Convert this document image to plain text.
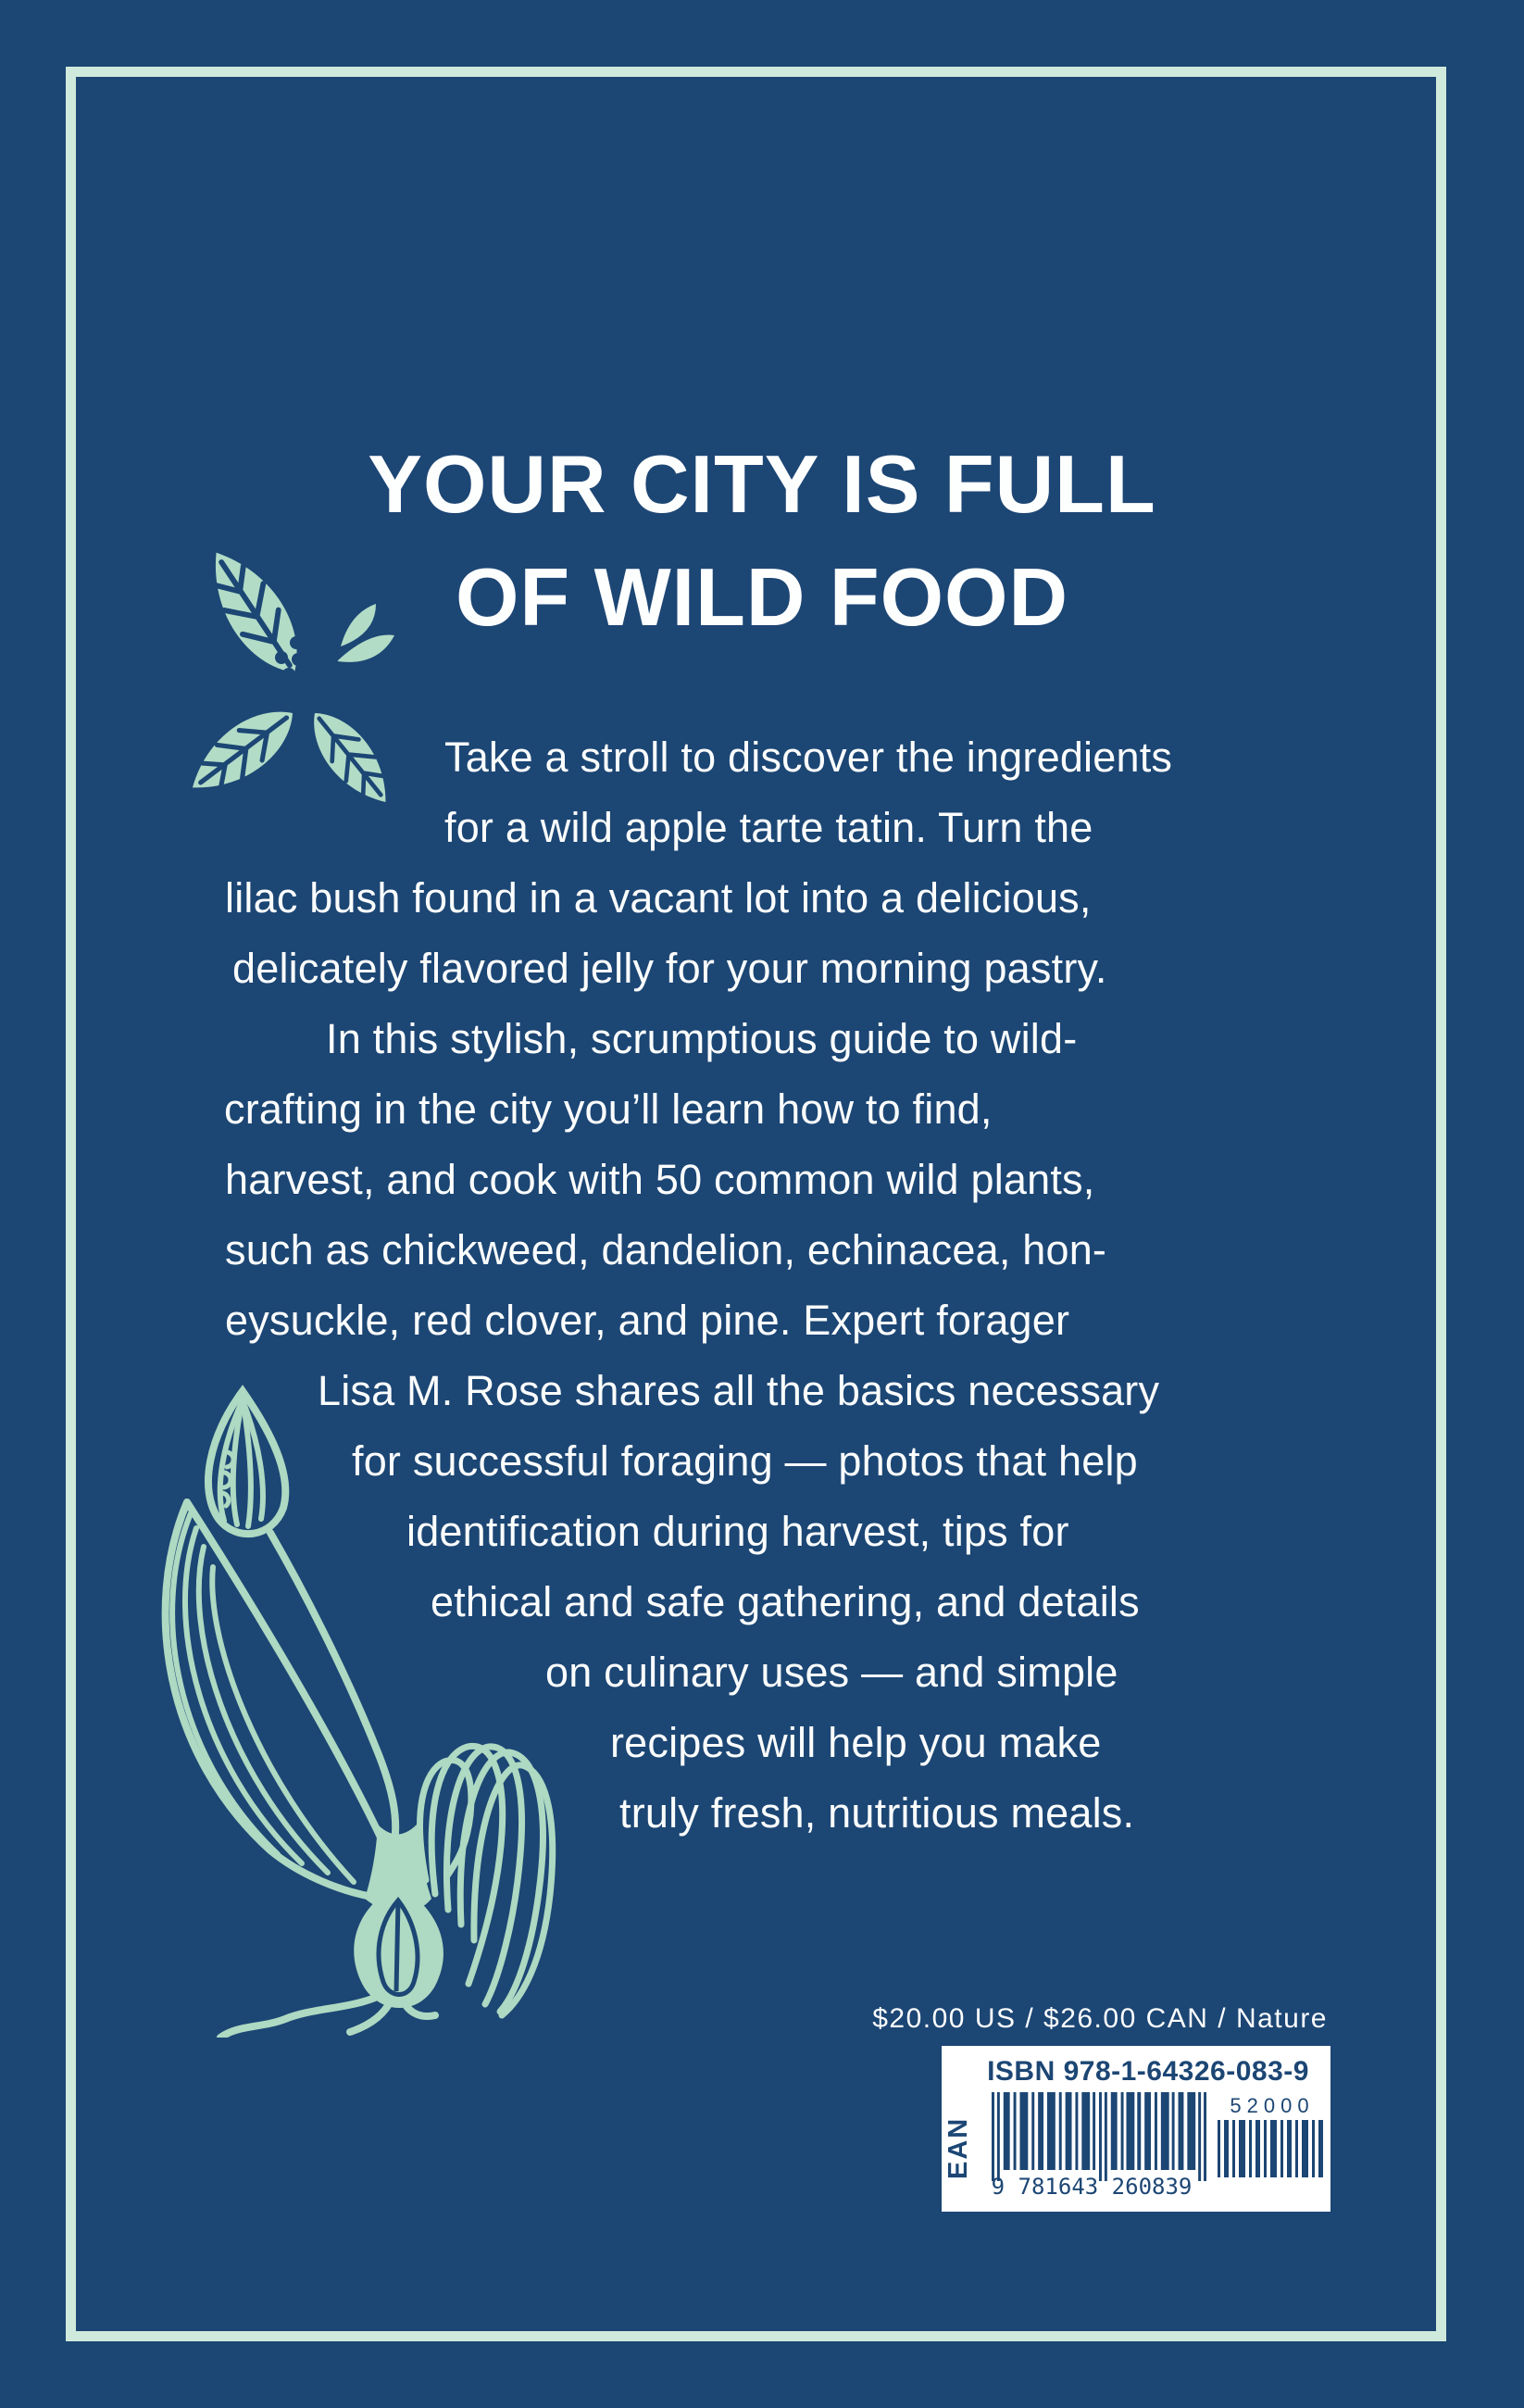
YOUR CITY IS FULL
OF WILD FOOD
Take a stroll to discover the ingredients
for a wild apple tarte tatin. Turn the
lilac bush found in a vacant lot into a delicious,
delicately flavored jelly for your morning pastry.
In this stylish, scrumptious guide to wild-
crafting in the city you’ll learn how to find,
harvest, and cook with 50 common wild plants,
such as chickweed, dandelion, echinacea, hon-
eysuckle, red clover, and pine. Expert forager
Lisa M. Rose shares all the basics necessary
for successful foraging — photos that help
identification during harvest, tips for
ethical and safe gathering, and details
on culinary uses — and simple
recipes will help you make
truly fresh, nutritious meals.
$20.00 US / $26.00 CAN / Nature
ISBN 978-1-64326-083-9
EAN
9 781643 260839
52000
